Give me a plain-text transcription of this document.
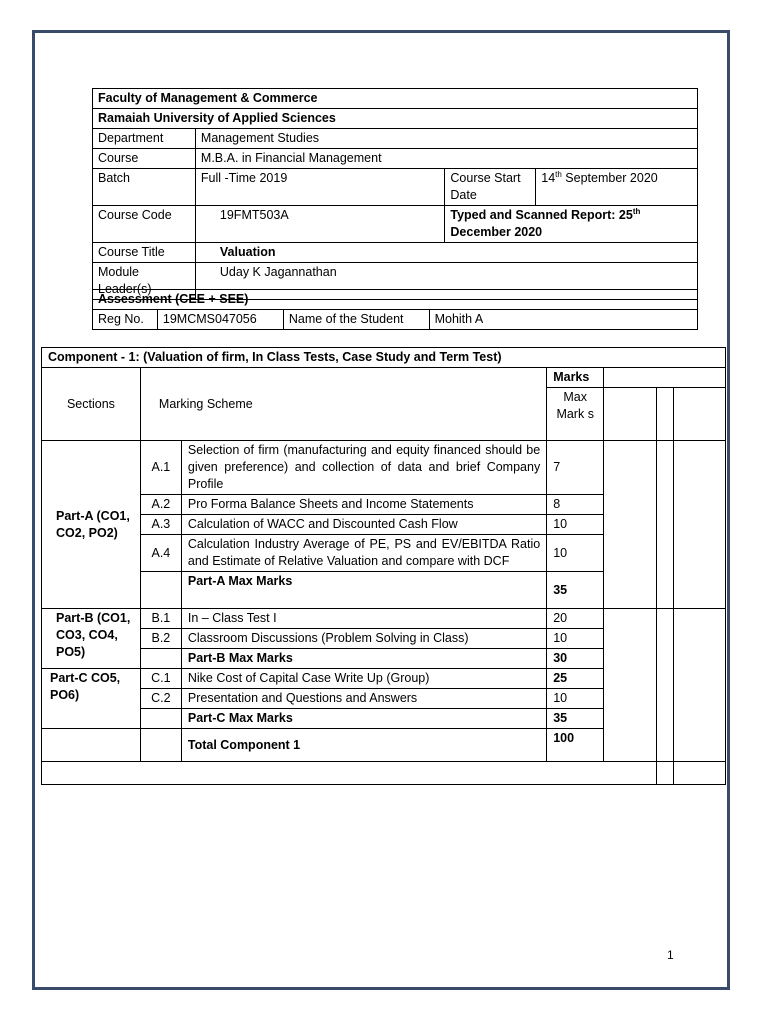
Faculty of Management & Commerce			
Ramaiah University of Applied Sciences			
Department	Management Studies		
Course	M.B.A. in Financial Management		
Batch	Full -Time 2019	Course Start Date	14th September 2020
Course Code	19FMT503A	Typed and Scanned Report: 25th December 2020	
Course Title	Valuation		
Module Leader(s)	Uday K Jagannathan		
Assessment (CEE + SEE)
Reg No.	19MCMS047056	Name of the Student	Mohith A
Component - 1: (Valuation of firm, In Class Tests, Case Study and Term Test)						
Sections	Marking Scheme		Marks			
			Max Mark s			
Part-A (CO1, CO2, PO2)	A.1	Selection of firm (manufacturing and equity financed should be given preference) and collection of data and brief Company Profile	7			
	A.2	Pro Forma Balance Sheets and Income Statements	8			
	A.3	Calculation of WACC and Discounted Cash Flow	10			
	A.4	Calculation Industry Average of PE, PS and EV/EBITDA Ratio and Estimate of Relative Valuation and compare with DCF	10			
		Part-A Max Marks	35			
Part-B (CO1, CO3, CO4, PO5)	B.1	In – Class Test I	20			
	B.2	Classroom Discussions (Problem Solving in Class)	10			
		Part-B Max Marks	30			
Part-C CO5, PO6)	C.1	Nike Cost of Capital Case Write Up (Group)	25			
	C.2	Presentation and Questions and Answers	10			
		Part-C Max Marks	35			
		Total Component 1	100			

1
